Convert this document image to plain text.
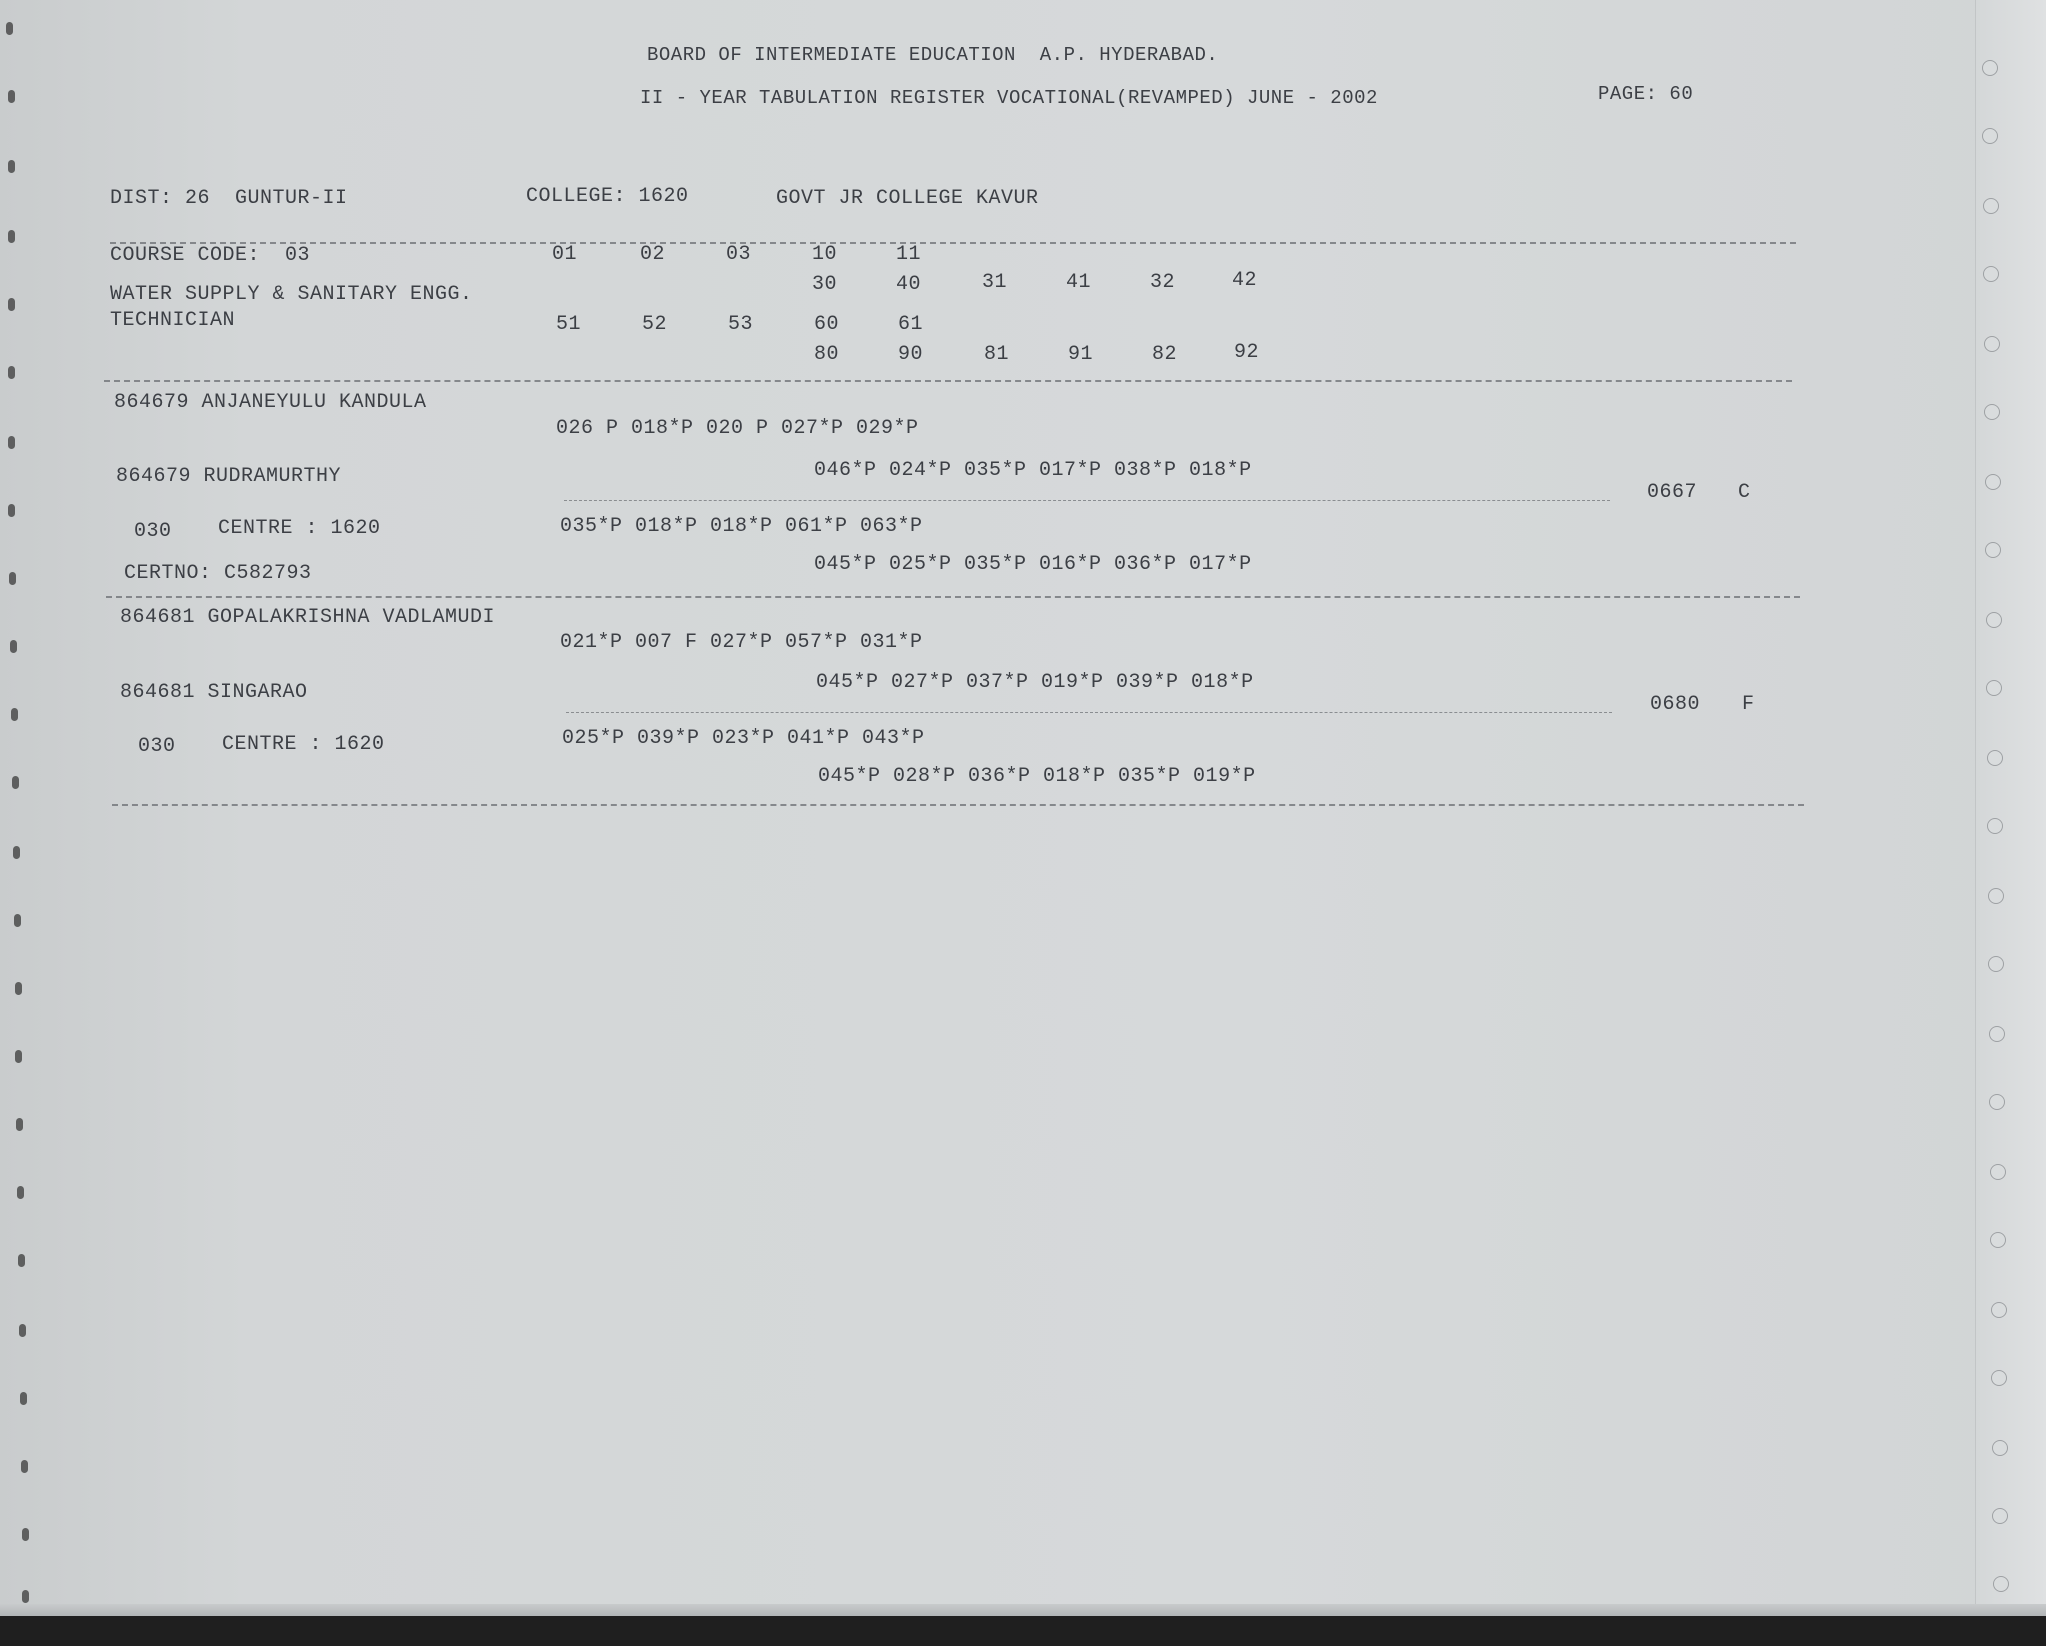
BOARD OF INTERMEDIATE EDUCATION  A.P. HYDERABAD.
II - YEAR TABULATION REGISTER VOCATIONAL(REVAMPED) JUNE - 2002	PAGE: 60
DIST: 26  GUNTUR-II	COLLEGE: 1620	GOVT JR COLLEGE KAVUR
COURSE CODE:  03
WATER SUPPLY & SANITARY ENGG.
TECHNICIAN
01	02	03	10	11
30	40	31	41	32	42
51	52	53	60	61
80	90	81	91	82	92
864679 ANJANEYULU KANDULA
026 P 018*P 020 P 027*P 029*P
864679 RUDRAMURTHY	046*P 024*P 035*P 017*P 038*P 018*P
0667 C
030 CENTRE : 1620	035*P 018*P 018*P 061*P 063*P
CERTNO: C582793	045*P 025*P 035*P 016*P 036*P 017*P
864681 GOPALAKRISHNA VADLAMUDI
021*P 007 F 027*P 057*P 031*P
864681 SINGARAO	045*P 027*P 037*P 019*P 039*P 018*P
0680 F
030 CENTRE : 1620	025*P 039*P 023*P 041*P 043*P
045*P 028*P 036*P 018*P 035*P 019*P
